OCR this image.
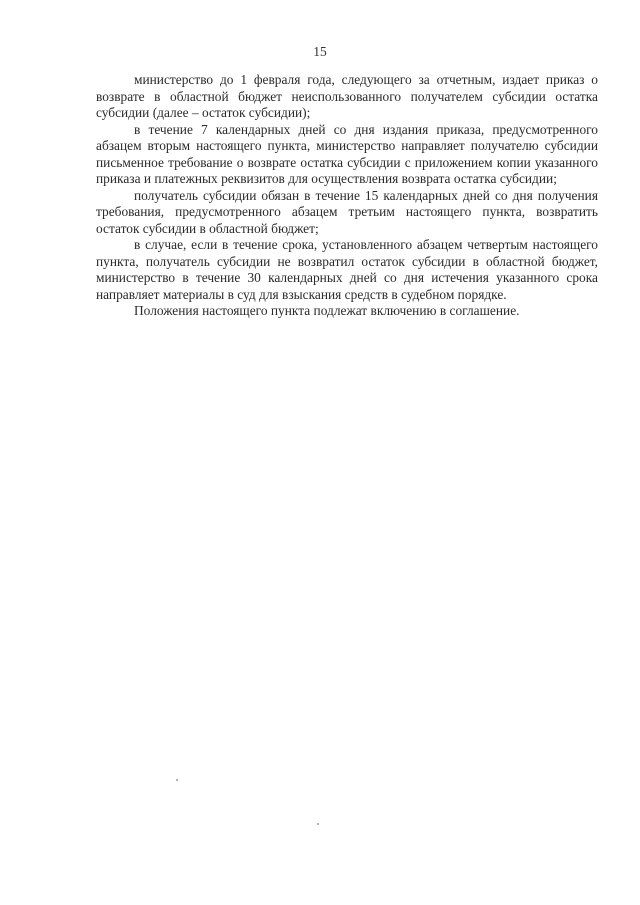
15

министерство до 1 февраля года, следующего за отчетным, издает приказ о возврате в областной бюджет неиспользованного получателем субсидии остатка субсидии (далее – остаток субсидии);

в течение 7 календарных дней со дня издания приказа, предусмотренного абзацем вторым настоящего пункта, министерство направляет получателю субсидии письменное требование о возврате остатка субсидии с приложением копии указанного приказа и платежных реквизитов для осуществления возврата остатка субсидии;

получатель субсидии обязан в течение 15 календарных дней со дня получения требования, предусмотренного абзацем третьим настоящего пункта, возвратить остаток субсидии в областной бюджет;

в случае, если в течение срока, установленного абзацем четвертым настоящего пункта, получатель субсидии не возвратил остаток субсидии в областной бюджет, министерство в течение 30 календарных дней со дня истечения указанного срока направляет материалы в суд для взыскания средств в судебном порядке.

Положения настоящего пункта подлежат включению в соглашение.
